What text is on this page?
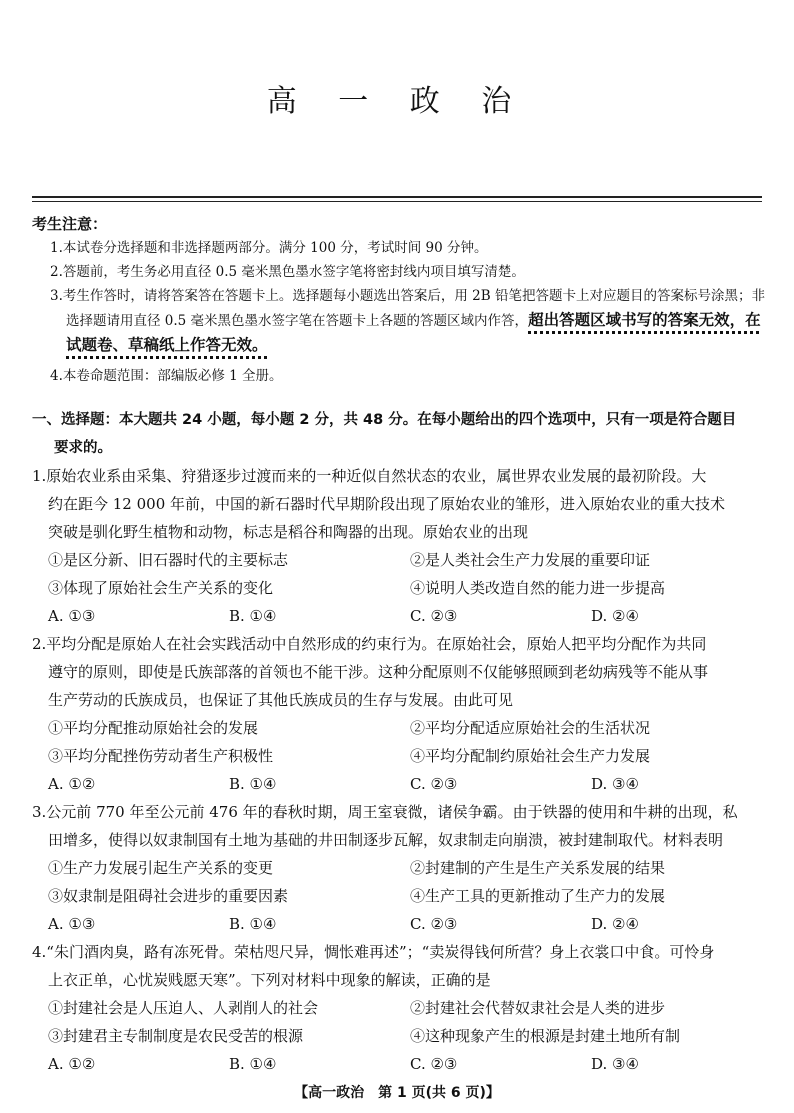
高 一 政 治
考生注意：
1.本试卷分选择题和非选择题两部分。满分 100 分，考试时间 90 分钟。
2.答题前，考生务必用直径 0.5 毫米黑色墨水签字笔将密封线内项目填写清楚。
3.考生作答时，请将答案答在答题卡上。选择题每小题选出答案后，用 2B 铅笔把答题卡上对应题目的答案标号涂黑；非选择题请用直径 0.5 毫米黑色墨水签字笔在答题卡上各题的答题区域内作答，超出答题区域书写的答案无效，在试题卷、草稿纸上作答无效。
4.本卷命题范围：部编版必修 1 全册。
一、选择题：本大题共 24 小题，每小题 2 分，共 48 分。在每小题给出的四个选项中，只有一项是符合题目
要求的。
1.原始农业系由采集、狩猎逐步过渡而来的一种近似自然状态的农业，属世界农业发展的最初阶段。大
约在距今 12 000 年前，中国的新石器时代早期阶段出现了原始农业的雏形，进入原始农业的重大技术
突破是驯化野生植物和动物，标志是稻谷和陶器的出现。原始农业的出现
①是区分新、旧石器时代的主要标志	②是人类社会生产力发展的重要印证
③体现了原始社会生产关系的变化	④说明人类改造自然的能力进一步提高
A. ①③	B. ①④	C. ②③	D. ②④
2.平均分配是原始人在社会实践活动中自然形成的约束行为。在原始社会，原始人把平均分配作为共同
遵守的原则，即使是氏族部落的首领也不能干涉。这种分配原则不仅能够照顾到老幼病残等不能从事
生产劳动的氏族成员，也保证了其他氏族成员的生存与发展。由此可见
①平均分配推动原始社会的发展	②平均分配适应原始社会的生活状况
③平均分配挫伤劳动者生产积极性	④平均分配制约原始社会生产力发展
A. ①②	B. ①④	C. ②③	D. ③④
3.公元前 770 年至公元前 476 年的春秋时期，周王室衰微，诸侯争霸。由于铁器的使用和牛耕的出现，私
田增多，使得以奴隶制国有土地为基础的井田制逐步瓦解，奴隶制走向崩溃，被封建制取代。材料表明
①生产力发展引起生产关系的变更	②封建制的产生是生产关系发展的结果
③奴隶制是阻碍社会进步的重要因素	④生产工具的更新推动了生产力的发展
A. ①③	B. ①④	C. ②③	D. ②④
4.“朱门酒肉臭，路有冻死骨。荣枯咫尺异，惆怅难再述”；“卖炭得钱何所营？身上衣裳口中食。可怜身
上衣正单，心忧炭贱愿天寒”。下列对材料中现象的解读，正确的是
①封建社会是人压迫人、人剥削人的社会	②封建社会代替奴隶社会是人类的进步
③封建君主专制制度是农民受苦的根源	④这种现象产生的根源是封建土地所有制
A. ①②	B. ①④	C. ②③	D. ③④
【高一政治　第 1 页(共 6 页)】
